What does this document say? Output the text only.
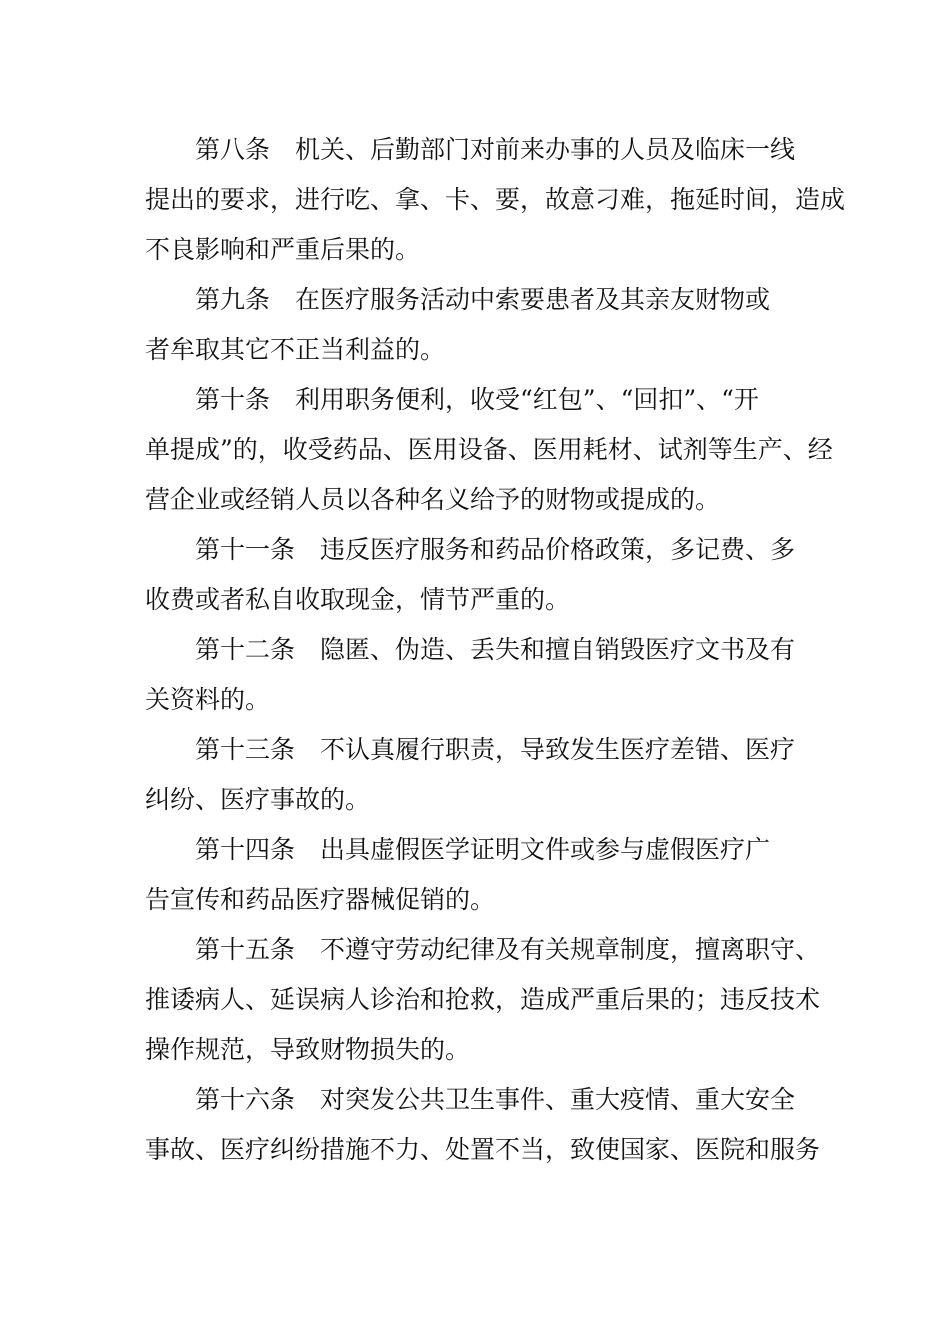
　　第八条　机关、后勤部门对前来办事的人员及临床一线
提出的要求，进行吃、拿、卡、要，故意刁难，拖延时间，造成
不良影响和严重后果的。
　　第九条　在医疗服务活动中索要患者及其亲友财物或
者牟取其它不正当利益的。
　　第十条　利用职务便利，收受“红包”、“回扣”、“开
单提成”的，收受药品、医用设备、医用耗材、试剂等生产、经
营企业或经销人员以各种名义给予的财物或提成的。
　　第十一条　违反医疗服务和药品价格政策，多记费、多
收费或者私自收取现金，情节严重的。
　　第十二条　隐匿、伪造、丢失和擅自销毁医疗文书及有
关资料的。
　　第十三条　不认真履行职责，导致发生医疗差错、医疗
纠纷、医疗事故的。
　　第十四条　出具虚假医学证明文件或参与虚假医疗广
告宣传和药品医疗器械促销的。
　　第十五条　不遵守劳动纪律及有关规章制度，擅离职守、
推诿病人、延误病人诊治和抢救，造成严重后果的；违反技术
操作规范，导致财物损失的。
　　第十六条　对突发公共卫生事件、重大疫情、重大安全
事故、医疗纠纷措施不力、处置不当，致使国家、医院和服务
